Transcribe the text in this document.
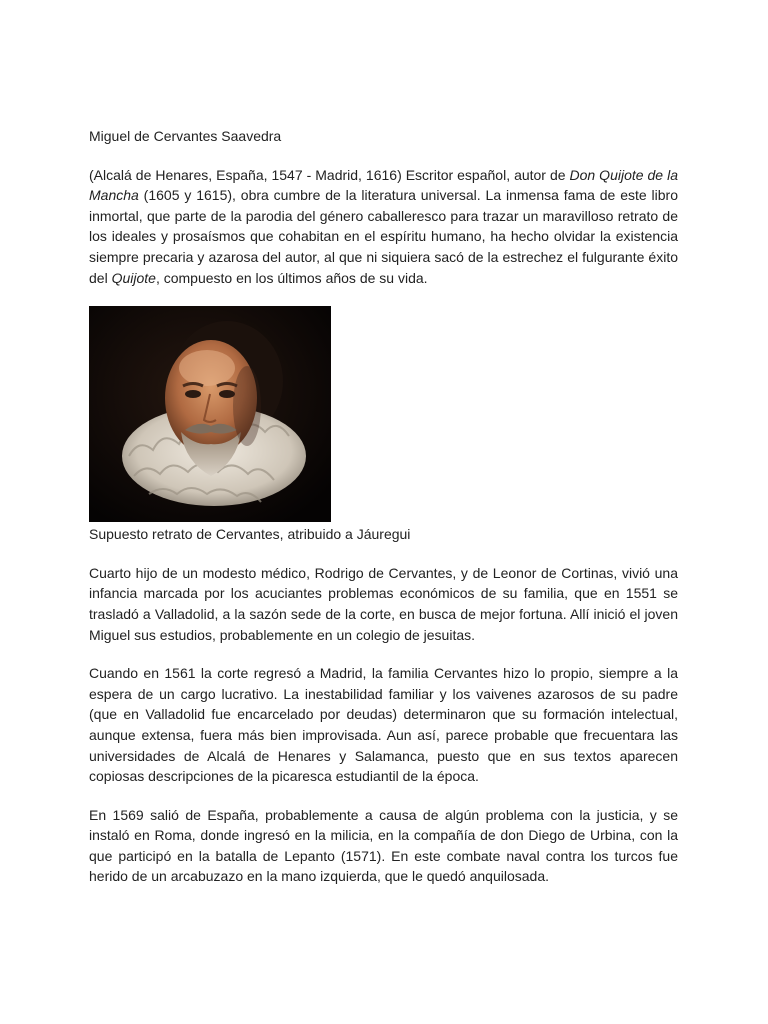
Miguel de Cervantes Saavedra

(Alcalá de Henares, España, 1547 - Madrid, 1616) Escritor español, autor de Don Quijote de la Mancha (1605 y 1615), obra cumbre de la literatura universal. La inmensa fama de este libro inmortal, que parte de la parodia del género caballeresco para trazar un maravilloso retrato de los ideales y prosaísmos que cohabitan en el espíritu humano, ha hecho olvidar la existencia siempre precaria y azarosa del autor, al que ni siquiera sacó de la estrechez el fulgurante éxito del Quijote, compuesto en los últimos años de su vida.

Supuesto retrato de Cervantes, atribuido a Jáuregui

Cuarto hijo de un modesto médico, Rodrigo de Cervantes, y de Leonor de Cortinas, vivió una infancia marcada por los acuciantes problemas económicos de su familia, que en 1551 se trasladó a Valladolid, a la sazón sede de la corte, en busca de mejor fortuna. Allí inició el joven Miguel sus estudios, probablemente en un colegio de jesuitas.

Cuando en 1561 la corte regresó a Madrid, la familia Cervantes hizo lo propio, siempre a la espera de un cargo lucrativo. La inestabilidad familiar y los vaivenes azarosos de su padre (que en Valladolid fue encarcelado por deudas) determinaron que su formación intelectual, aunque extensa, fuera más bien improvisada. Aun así, parece probable que frecuentara las universidades de Alcalá de Henares y Salamanca, puesto que en sus textos aparecen copiosas descripciones de la picaresca estudiantil de la época.

En 1569 salió de España, probablemente a causa de algún problema con la justicia, y se instaló en Roma, donde ingresó en la milicia, en la compañía de don Diego de Urbina, con la que participó en la batalla de Lepanto (1571). En este combate naval contra los turcos fue herido de un arcabuzazo en la mano izquierda, que le quedó anquilosada.
